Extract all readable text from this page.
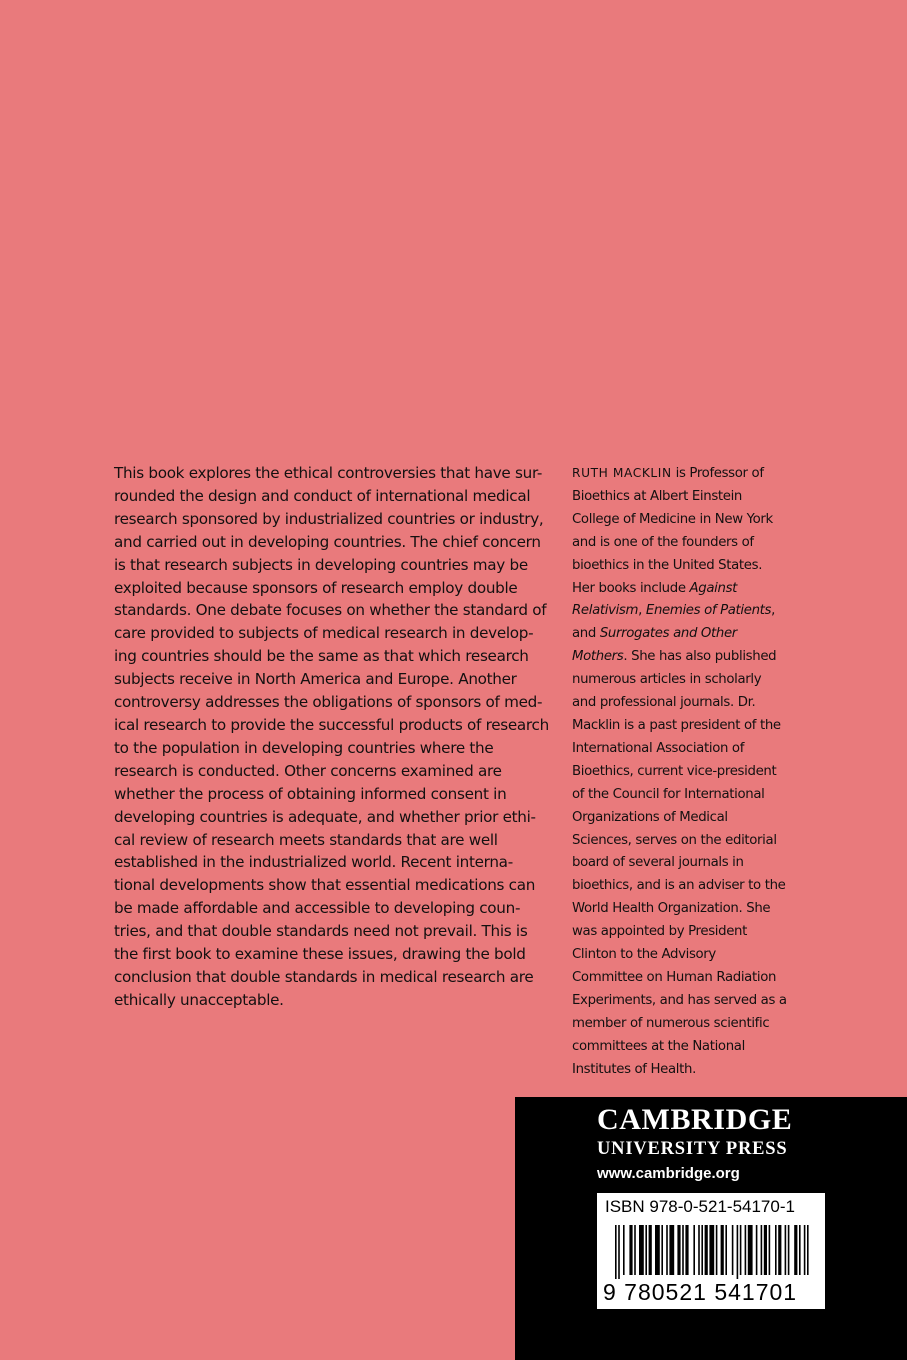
This book explores the ethical controversies that have sur-
rounded the design and conduct of international medical
research sponsored by industrialized countries or industry,
and carried out in developing countries. The chief concern
is that research subjects in developing countries may be
exploited because sponsors of research employ double
standards. One debate focuses on whether the standard of
care provided to subjects of medical research in develop-
ing countries should be the same as that which research
subjects receive in North America and Europe. Another
controversy addresses the obligations of sponsors of med-
ical research to provide the successful products of research
to the population in developing countries where the
research is conducted. Other concerns examined are
whether the process of obtaining informed consent in
developing countries is adequate, and whether prior ethi-
cal review of research meets standards that are well
established in the industrialized world. Recent interna-
tional developments show that essential medications can
be made affordable and accessible to developing coun-
tries, and that double standards need not prevail. This is
the first book to examine these issues, drawing the bold
conclusion that double standards in medical research are
ethically unacceptable.
RUTH MACKLIN is Professor of
Bioethics at Albert Einstein
College of Medicine in New York
and is one of the founders of
bioethics in the United States.
Her books include Against
Relativism, Enemies of Patients,
and Surrogates and Other
Mothers. She has also published
numerous articles in scholarly
and professional journals. Dr.
Macklin is a past president of the
International Association of
Bioethics, current vice-president
of the Council for International
Organizations of Medical
Sciences, serves on the editorial
board of several journals in
bioethics, and is an adviser to the
World Health Organization. She
was appointed by President
Clinton to the Advisory
Committee on Human Radiation
Experiments, and has served as a
member of numerous scientific
committees at the National
Institutes of Health.
CAMBRIDGE
UNIVERSITY PRESS
www.cambridge.org
ISBN 978-0-521-54170-1
9 780521 541701
